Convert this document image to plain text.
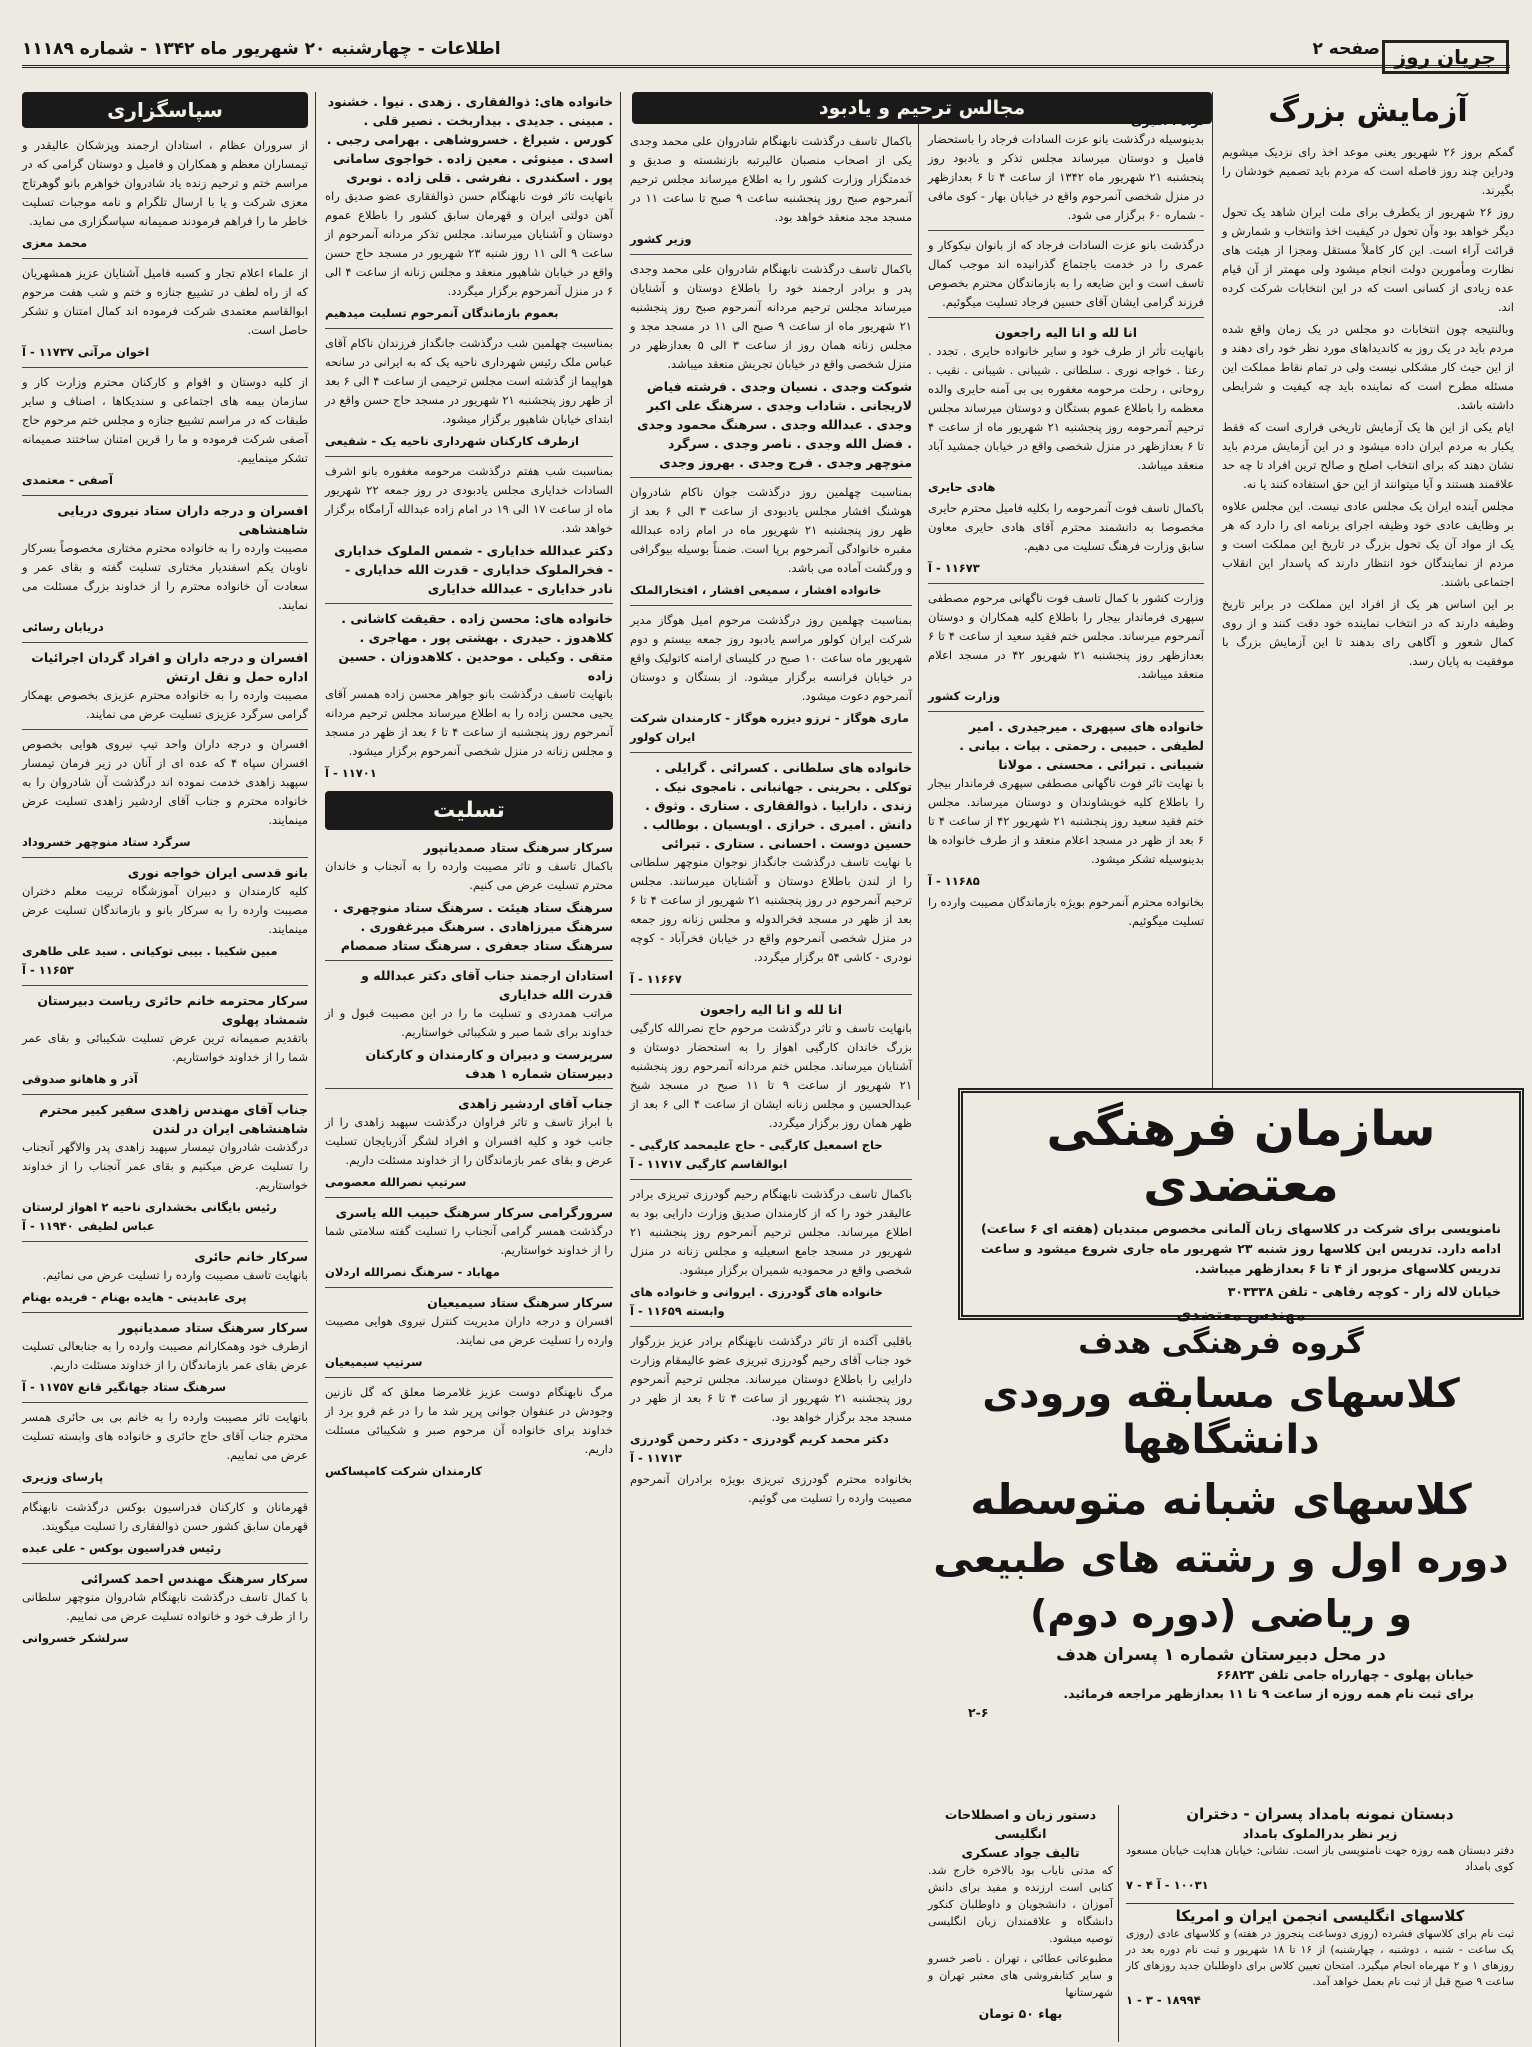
صفحه ۲
اطلاعات - چهارشنبه ۲۰ شهریور ماه ۱۳۴۲ - شماره ۱۱۱۸۹	جریان روز
آزمایش بزرگ

گمکم بروز ۲۶ شهریور یعنی موعد اخذ رای نزدیک میشویم ودراین چند روز فاصله است که مردم باید تصمیم خودشان را بگیرند.

روز ۲۶ شهریور از یکطرف برای ملت ایران شاهد یک تحول دیگر خواهد بود وآن تحول در کیفیت اخذ وانتخاب و شمارش و قرائت آراء است. این کار کاملاً مستقل ومجزا از هیئت های نظارت ومأمورین دولت انجام میشود ولی مهمتر از آن قیام عده زیادی از کسانی است که در این انتخابات شرکت کرده اند.

وبالنتیجه چون انتخابات دو مجلس در یک زمان واقع شده مردم باید در یک روز به کاندیداهای مورد نظر خود رای دهند و از این حیث کار مشکلی نیست ولی در تمام نقاط مملکت این مسئله مطرح است که نماینده باید چه کیفیت و شرایطی داشته باشد.

ایام یکی از این ها یک آزمایش تاریخی فراری است که فقط یکبار به مردم ایران داده میشود و در این آزمایش مردم باید نشان دهند که برای انتخاب اصلح و صالح ترین افراد تا چه حد علاقمند هستند و آیا میتوانند از این حق استفاده کنند یا نه.

مجلس آینده ایران یک مجلس عادی نیست. این مجلس علاوه بر وظایف عادی خود وظیفه اجرای برنامه ای را دارد که هر یک از مواد آن یک تحول بزرگ در تاریخ این مملکت است و مردم از نمایندگان خود انتظار دارند که پاسدار این انقلاب اجتماعی باشند.

بر این اساس هر یک از افراد این مملکت در برابر تاریخ وظیفه دارند که در انتخاب نماینده خود دقت کنند و از روی کمال شعور و آگاهی رای بدهند تا این آزمایش بزرگ با موفقیت به پایان رسد.

بدینوسیله درگذشت بانو عزت السادات فرجاد را باستحضار فامیل و دوستان میرساند مجلس تذکر و یادبود روز پنجشنبه ۲۱ شهریور ماه ۱۳۴۲ از ساعت ۴ تا ۶ بعدازظهر در منزل شخصی آنمرحوم واقع در خیابان بهار - کوی مافی - شماره ۶۰ برگزار می شود.

درگذشت بانو عزت السادات فرجاد که از بانوان نیکوکار و عمری را در خدمت باجتماع گذرانیده اند موجب کمال تاسف است و این ضایعه را به بازماندگان محترم بخصوص فرزند گرامی ایشان آقای حسین فرجاد تسلیت میگوئیم.

انا لله و انا الیه راجعون

بانهایت تأثر از طرف خود و سایر خانواده حایری . تجدد . رعنا . خواجه نوری . سلطانی . شیبانی . شیبانی . نقیب . روحانی ، رحلت مرحومه مغفوره بی بی آمنه حایری والده معظمه را باطلاع عموم بستگان و دوستان میرساند مجلس ترحیم آنمرحومه روز پنجشنبه ۲۱ شهریور ماه از ساعت ۴ تا ۶ بعدازظهر در منزل شخصی واقع در خیابان جمشید آباد منعقد میباشد.

هادی حایری

باکمال تاسف فوت آنمرحومه را بکلیه فامیل محترم حایری مخصوصا به دانشمند محترم آقای هادی حایری معاون سابق وزارت فرهنگ تسلیت می دهیم.

۱۱۶۷۳ - آ

وزارت کشور با کمال تاسف فوت ناگهانی مرحوم مصطفی سپهری فرماندار بیجار را باطلاع کلیه همکاران و دوستان آنمرحوم میرساند. مجلس ختم فقید سعید از ساعت ۴ تا ۶ بعدازظهر روز پنجشنبه ۲۱ شهریور ۴۲ در مسجد اعلام منعقد میباشد.

وزارت کشور
خانواده های سپهری . میرجیدری . امیر لطیفی . حبیبی . رحمتی . بیات . بیانی . شیبانی . تبرائی . محسنی . مولانا

با نهایت تاثر فوت ناگهانی مصطفی سپهری فرماندار بیجار را باطلاع کلیه خویشاوندان و دوستان میرساند. مجلس ختم فقید سعید روز پنجشنبه ۲۱ شهریور ۴۲ از ساعت ۴ تا ۶ بعد از ظهر در مسجد اعلام منعقد و از طرف خانواده ها بدینوسیله تشکر میشود.

۱۱۶۸۵ - آ

بخانواده محترم آنمرحوم بویژه بازماندگان مصیبت وارده را تسلیت میگوئیم.

مجالس ترحیم و یادبود

باکمال تاسف درگذشت نابهنگام شادروان علی محمد وجدی یکی از اصحاب منصبان عالیرتبه بازنشسته و صدیق و خدمتگزار وزارت کشور را به اطلاع میرساند مجلس ترحیم آنمرحوم صبح روز پنجشنبه ساعت ۹ صبح تا ساعت ۱۱ در مسجد مجد منعقد خواهد بود.

وزیر کشور

باکمال تاسف درگذشت نابهنگام شادروان علی محمد وجدی پدر و برادر ارجمند خود را باطلاع دوستان و آشنایان میرساند مجلس ترحیم مردانه آنمرحوم صبح روز پنجشنبه ۲۱ شهریور ماه از ساعت ۹ صبح الی ۱۱ در مسجد مجد و مجلس زنانه همان روز از ساعت ۳ الی ۵ بعدازظهر در منزل شخصی واقع در خیابان تجریش منعقد میباشد.

شوکت وجدی . نسیان وجدی . فرشته فیاض لاریجانی . شاداب وجدی . سرهنگ علی اکبر وجدی . عبدالله وجدی . سرهنگ محمود وجدی . فضل الله وجدی . ناصر وجدی . سرگرد منوچهر وجدی . فرج وجدی . بهروز وجدی

بمناسبت چهلمین روز درگذشت جوان ناکام شادروان هوشنگ افشار مجلس یادبودی از ساعت ۳ الی ۶ بعد از ظهر روز پنجشنبه ۲۱ شهریور ماه در امام زاده عبدالله مقبره خانوادگی آنمرحوم برپا است. ضمناً بوسیله بیوگرافی و ورگشت آماده می باشد.

خانواده افشار ، سمیعی افشار ، افتخارالملک

بمناسبت چهلمین روز درگذشت مرحوم امیل هوگاز مدیر شرکت ایران کولور مراسم یادبود روز جمعه بیستم و دوم شهریور ماه ساعت ۱۰ صبح در کلیسای ارامنه کاتولیک واقع در خیابان فرانسه برگزار میشود. از بستگان و دوستان آنمرحوم دعوت میشود.

ماری هوگاز - ترزو دیزره هوگاز - کارمندان شرکت ایران کولور
خانواده های سلطانی . کسرائی . گرایلی . توکلی . بحرینی . جهانبانی . نامجوی نیک . زندی . دارابیا . ذوالفقاری . ستاری . وثوق . دانش . امیری . خرازی . اویسیان . بوطالب . حسین دوست . احسانی . ستاری . تبرائی

با نهایت تاسف درگذشت جانگداز نوجوان منوچهر سلطانی را از لندن باطلاع دوستان و آشنایان میرسانند. مجلس ترحیم آنمرحوم در روز پنجشنبه ۲۱ شهریور از ساعت ۴ تا ۶ بعد از ظهر در مسجد فخرالدوله و مجلس زنانه روز جمعه در منزل شخصی آنمرحوم واقع در خیابان فخرآباد - کوچه نودری - کاشی ۵۴ برگزار میگردد.

۱۱۶۶۷ - آ
انا لله و انا الیه راجعون

بانهایت تاسف و تاثر درگذشت مرحوم حاج نصرالله کارگیی بزرگ خاندان کارگیی اهواز را به استحضار دوستان و آشنایان میرساند. مجلس ختم مردانه آنمرحوم روز پنجشنبه ۲۱ شهریور از ساعت ۹ تا ۱۱ صبح در مسجد شیخ عبدالحسین و مجلس زنانه ایشان از ساعت ۴ الی ۶ بعد از ظهر همان روز برگزار میگردد.

حاج اسمعیل کارگیی - حاج علیمحمد کارگیی - ابوالقاسم کارگیی ۱۱۷۱۷ - آ

باکمال تاسف درگذشت نابهنگام رحیم گودرزی تبریزی برادر عالیقدر خود را که از کارمندان صدیق وزارت دارایی بود به اطلاع میرساند. مجلس ترحیم آنمرحوم روز پنجشنبه ۲۱ شهریور در مسجد جامع اسعیلیه و مجلس زنانه در منزل شخصی واقع در محمودیه شمیران برگزار میشود.

خانواده های گودرزی . ایروانی و خانواده های وابسته ۱۱۶۵۹ - آ

باقلبی آکنده از تاثر درگذشت نابهنگام برادر عزیز بزرگوار خود جناب آقای رحیم گودرزی تبریزی عضو عالیمقام وزارت دارایی را باطلاع دوستان میرساند. مجلس ترحیم آنمرحوم روز پنجشنبه ۲۱ شهریور از ساعت ۴ تا ۶ بعد از ظهر در مسجد مجد برگزار خواهد بود.

دکتر محمد کریم گودرزی - دکتر رحمن گودرزی ۱۱۷۱۳ - آ

بخانواده محترم گودرزی تبریزی بویژه برادران آنمرحوم مصیبت وارده را تسلیت می گوئیم.

خانواده های: ذوالفقاری . زهدی . نیوا . خشنود . مبینی . جدیدی . بیداربخت . نصیر قلی . کورس . شیراغ . خسروشاهی . بهرامی رجبی . اسدی . مینوئی . معین زاده . خواجوی سامانی پور . اسکندری . نفرشی . قلی زاده . نوبری

بانهایت تاثر فوت نابهنگام حسن ذوالفقاری عضو صدیق راه آهن دولتی ایران و قهرمان سابق کشور را باطلاع عموم دوستان و آشنایان میرساند. مجلس تذکر مردانه آنمرحوم از ساعت ۹ الی ۱۱ روز شنبه ۲۳ شهریور در مسجد حاج حسن واقع در خیابان شاهپور منعقد و مجلس زنانه از ساعت ۴ الی ۶ در منزل آنمرحوم برگزار میگردد.

بعموم بازماندگان آنمرحوم تسلیت میدهیم

بمناسبت چهلمین شب درگذشت جانگداز فرزندان ناکام آقای عباس ملک رئیس شهرداری ناحیه یک که به ایرانی در سانحه هواپیما از گذشته است مجلس ترحیمی از ساعت ۴ الی ۶ بعد از ظهر روز پنجشنبه ۲۱ شهریور در مسجد حاج حسن واقع در ابتدای خیابان شاهپور برگزار میشود.

ازطرف کارکنان شهرداری ناحیه یک - شفیعی

بمناسبت شب هفتم درگذشت مرحومه مغفوره بانو اشرف السادات خدایاری مجلس یادبودی در روز جمعه ۲۲ شهریور ماه از ساعت ۱۷ الی ۱۹ در امام زاده عبدالله آرامگاه برگزار خواهد شد.

دکتر عبدالله خدایاری - شمس الملوک خدایاری - فخرالملوک خدایاری - قدرت الله خدایاری - نادر خدایاری - عبدالله خدایاری
خانواده های: محسن زاده . حقیقت کاشانی . کلاهدوز . حیدری . بهشتی پور . مهاجری . متقی . وکیلی . موحدین . کلاهدوزان . حسین زاده

بانهایت تاسف درگذشت بانو جواهر محسن زاده همسر آقای یحیی محسن زاده را به اطلاع میرساند مجلس ترحیم مردانه آنمرحوم روز پنجشنبه از ساعت ۴ تا ۶ بعد از ظهر در مسجد و مجلس زنانه در منزل شخصی آنمرحوم برگزار میشود.

۱۱۷۰۱ - آ
تسلیت
سرکار سرهنگ ستاد صمدیانپور

باکمال تاسف و تاثر مصیبت وارده را به آنجناب و خاندان محترم تسلیت عرض می کنیم.

سرهنگ ستاد هیئت . سرهنگ ستاد منوچهری . سرهنگ میرزاهادی . سرهنگ میرغفوری . سرهنگ ستاد جعفری . سرهنگ ستاد صمصام
استادان ارجمند جناب آقای دکتر عبدالله و قدرت الله خدایاری

مراتب همدردی و تسلیت ما را در این مصیبت قبول و از خداوند برای شما صبر و شکیبائی خواستاریم.

سرپرست و دبیران و کارمندان و کارکنان دبیرستان شماره ۱ هدف
جناب آقای اردشیر زاهدی

با ابراز تاسف و تاثر فراوان درگذشت سپهبد زاهدی را از جانب خود و کلیه افسران و افراد لشگر آذربایجان تسلیت عرض و بقای عمر بازماندگان را از خداوند مسئلت داریم.

سرتیپ نصرالله معصومی
سرورگرامی سرکار سرهنگ حبیب الله یاسری

درگذشت همسر گرامی آنجناب را تسلیت گفته سلامتی شما را از خداوند خواستاریم.

مهاباد - سرهنگ نصرالله اردلان
سرکار سرهنگ ستاد سیمیعیان

افسران و درجه داران مدیریت کنترل نیروی هوایی مصیبت وارده را تسلیت عرض می نمایند.

سرتیپ سیمیعیان

مرگ نابهنگام دوست عزیز غلامرضا معلق که گل نازنین وجودش در عنفوان جوانی پرپر شد ما را در غم فرو برد از خداوند برای خانواده آن مرحوم صبر و شکیبائی مسئلت داریم.

کارمندان شرکت کامپساکس
سپاسگزاری

از سروران عظام ، استادان ارجمند وپزشکان عالیقدر و تیمساران معظم و همکاران و فامیل و دوستان گرامی که در مراسم ختم و ترحیم زنده یاد شادروان خواهرم بانو گوهرتاج معزی شرکت و یا با ارسال تلگرام و نامه موجبات تسلیت خاطر ما را فراهم فرمودند صمیمانه سپاسگزاری می نماید.

محمد معزی

از علماء اعلام تجار و کسبه فامیل آشنایان عزیز همشهریان که از راه لطف در تشییع جنازه و ختم و شب هفت مرحوم ابوالقاسم معتمدی شرکت فرموده اند کمال امتنان و تشکر حاصل است.

اخوان مرآتی ۱۱۷۳۷ - آ

از کلیه دوستان و اقوام و کارکنان محترم وزارت کار و سازمان بیمه های اجتماعی و سندیکاها ، اصناف و سایر طبقات که در مراسم تشییع جنازه و مجلس ختم مرحوم حاج آصفی شرکت فرموده و ما را قرین امتنان ساختند صمیمانه تشکر مینماییم.

آصفی - معتمدی
افسران و درجه داران ستاد نیروی دریایی شاهنشاهی

مصیبت وارده را به خانواده محترم مختاری مخصوصاً بسرکار ناوبان یکم اسفندیار مختاری تسلیت گفته و بقای عمر و سعادت آن خانواده محترم را از خداوند بزرگ مسئلت می نمایند.

دریابان رسائی
افسران و درجه داران و افراد گردان اجرائیات اداره حمل و نقل ارتش

مصیبت وارده را به خانواده محترم عزیزی بخصوص بهمکار گرامی سرگرد عزیزی تسلیت عرض می نمایند.

افسران و درجه داران واحد تیپ نیروی هوایی بخصوص افسران سپاه ۴ که عده ای از آنان در زیر فرمان تیمسار سپهبد زاهدی خدمت نموده اند درگذشت آن شادروان را به خانواده محترم و جناب آقای اردشیر زاهدی تسلیت عرض مینمایند.

سرگرد ستاد منوچهر خسروداد
بانو قدسی ایران خواجه نوری

کلیه کارمندان و دبیران آموزشگاه تربیت معلم دختران مصیبت وارده را به سرکار بانو و بازماندگان تسلیت عرض مینمایند.

مبین شکیبا . بیبی توکیانی . سید علی طاهری ۱۱۶۵۳ - آ
سرکار محترمه خانم حائری ریاست دبیرستان شمشاد پهلوی

باتقدیم صمیمانه ترین عرض تسلیت شکیبائی و بقای عمر شما را از خداوند خواستاریم.

آذر و هاهانو صدوقی
جناب آقای مهندس زاهدی سفیر کبیر محترم شاهنشاهی ایران در لندن

درگذشت شادروان تیمسار سپهبد زاهدی پدر والاگهر آنجناب را تسلیت عرض میکنیم و بقای عمر آنجناب را از خداوند خواستاریم.

رئیس بایگانی بخشداری ناحیه ۲ اهواز لرستان عباس لطیفی ۱۱۹۴۰ - آ
سرکار خانم حائری

بانهایت تاسف مصیبت وارده را تسلیت عرض می نمائیم.

پری عابدینی - هایده بهنام - فریده بهنام
سرکار سرهنگ ستاد صمدیانپور

ازطرف خود وهمکارانم مصیبت وارده را به جنابعالی تسلیت عرض بقای عمر بازماندگان را از خداوند مسئلت داریم.

سرهنگ ستاد جهانگیر قانع ۱۱۷۵۷ - آ

بانهایت تاثر مصیبت وارده را به خانم بی بی حائری همسر محترم جناب آقای حاج حائری و خانواده های وابسته تسلیت عرض می نماییم.

پارسای وزیری

قهرمانان و کارکنان فدراسیون بوکس درگذشت نابهنگام قهرمان سابق کشور حسن ذوالفقاری را تسلیت میگویند.

رئیس فدراسیون بوکس - علی عبده
سرکار سرهنگ مهندس احمد کسرائی

با کمال تاسف درگذشت نابهنگام شادروان منوچهر سلطانی را از طرف خود و خانواده تسلیت عرض می نماییم.

سرلشکر خسروانی
سازمان فرهنگی معتضدی

نامنویسی برای شرکت در کلاسهای زبان آلمانی مخصوص مبتدیان (هفته ای ۶ ساعت) ادامه دارد. تدریس این کلاسها روز شنبه ۲۳ شهریور ماه جاری شروع میشود و ساعت تدریس کلاسهای مزبور از ۴ تا ۶ بعدازظهر میباشد.

خیابان لاله زار - کوچه رفاهی - تلفن ۳۰۳۳۳۸
مهندس معتضدی
گروه فرهنگی هدف
کلاسهای مسابقه ورودی دانشگاهها
کلاسهای شبانه متوسطه
دوره اول و رشته های طبیعی
و ریاضی (دوره دوم)
در محل دبیرستان شماره ۱ پسران هدف
خیابان پهلوی - چهارراه جامی تلفن ۶۶۸۲۳
برای ثبت نام همه روزه از ساعت ۹ تا ۱۱ بعدازظهر مراجعه فرمائید.
۲-۶
دستور زبان و اصطلاحات انگلیسی
تالیف جواد عسکری

که مدتی نایاب بود بالاخره خارج شد. کتابی است ارزنده و مفید برای دانش آموزان ، دانشجویان و داوطلبان کنکور دانشگاه و علاقمندان زبان انگلیسی توصیه میشود.

مطبوعاتی عطائی ، تهران . ناصر خسرو و سایر کتابفروشی های معتبر تهران و شهرستانها

بهاء ۵۰ تومان
دبستان نمونه بامداد پسران - دختران
زیر نظر بدرالملوک بامداد

دفتر دبستان همه روزه جهت نامنویسی باز است. نشانی: خیابان هدایت خیابان مسعود کوی بامداد

۱۰۰۳۱ - آ ۴ - ۷
کلاسهای انگلیسی انجمن ایران و امریکا

ثبت نام برای کلاسهای فشرده (روزی دوساعت پنجروز در هفته) و کلاسهای عادی (روزی یک ساعت - شنبه ، دوشنبه ، چهارشنبه) از ۱۶ تا ۱۸ شهریور و ثبت نام دوره بعد در روزهای ۱ و ۲ مهرماه انجام میگیرد. امتحان تعیین کلاس برای داوطلبان جدید روزهای کار ساعت ۹ صبح قبل از ثبت نام بعمل خواهد آمد.

۱۸۹۹۴ - ۳ - ۱
